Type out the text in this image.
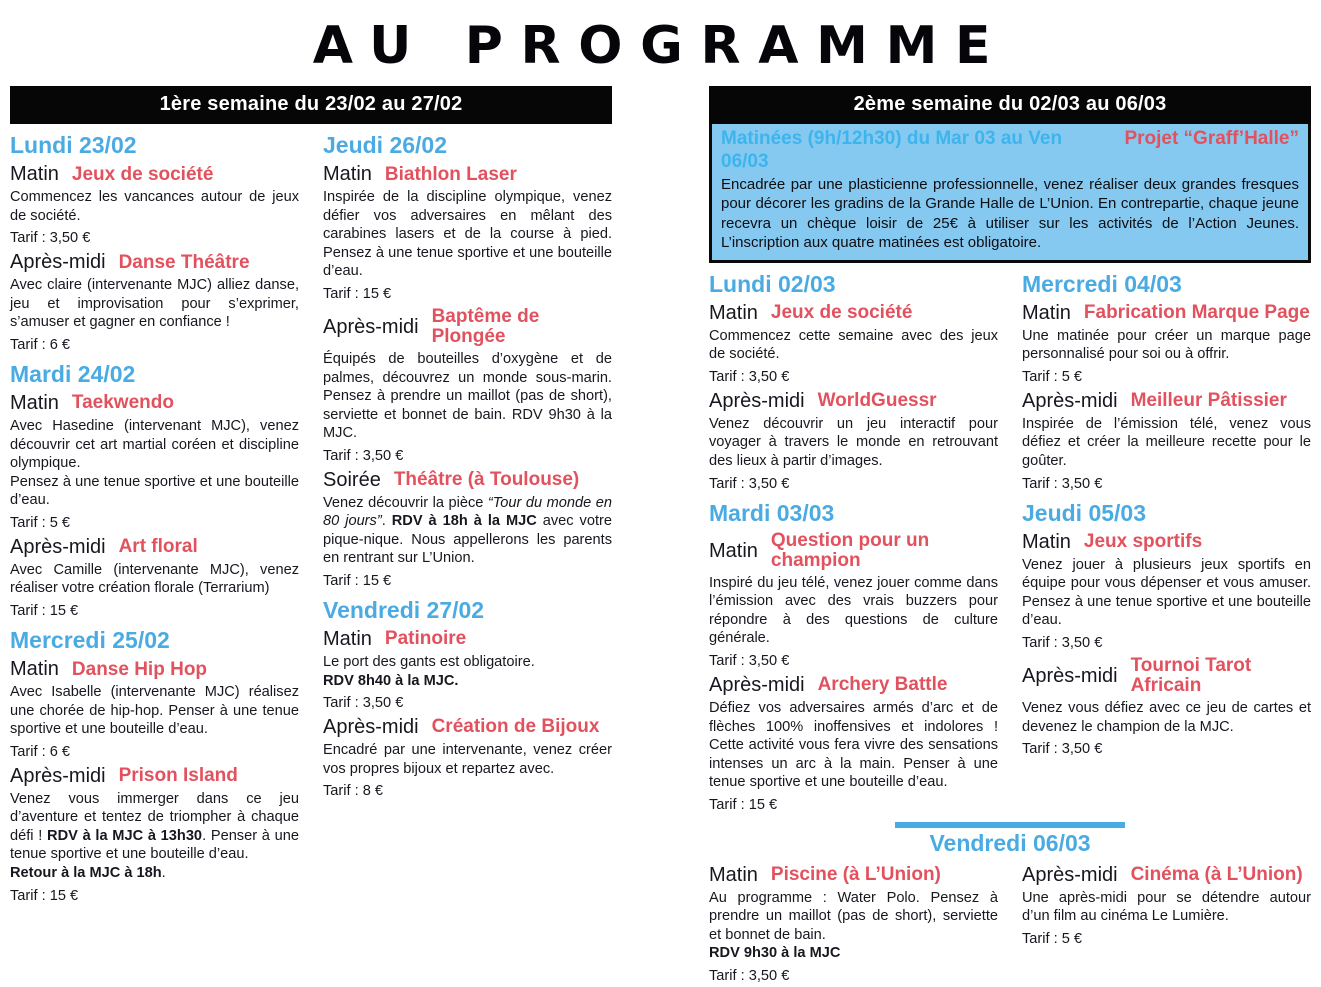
AU PROGRAMME
1ère semaine du 23/02 au 27/02
Lundi 23/02
Matin Jeux de société

Commencez les vancances autour de jeux de société.

Tarif : 3,50 €

Après-midi Danse Théâtre

Avec claire (intervenante MJC) alliez danse, jeu et improvisation pour s’exprimer, s’amuser et gagner en confiance !

Tarif : 6 €

Mardi 24/02
Matin Taekwendo

Avec Hasedine (intervenant MJC), venez découvrir cet art martial coréen et discipline olympique.
Pensez à une tenue sportive et une bouteille d’eau.

Tarif : 5 €

Après-midi Art floral

Avec Camille (intervenante MJC), venez réaliser votre création florale (Terrarium)

Tarif : 15 €

Mercredi 25/02
Matin Danse Hip Hop

Avec Isabelle (intervenante MJC) réalisez une chorée de hip-hop. Penser à une tenue sportive et une bouteille d’eau.

Tarif : 6 €

Après-midi Prison Island

Venez vous immerger dans ce jeu d’aventure et tentez de triompher à chaque défi ! RDV à la MJC à 13h30. Penser à une tenue sportive et une bouteille d’eau.
Retour à la MJC à 18h.

Tarif : 15 €

Jeudi 26/02
Matin Biathlon Laser

Inspirée de la discipline olympique, venez défier vos adversaires en mêlant des carabines lasers et de la course à pied. Pensez à une tenue sportive et une bouteille d’eau.

Tarif : 15 €

Après-midi Baptême de Plongée

Équipés de bouteilles d’oxygène et de palmes, découvrez un monde sous-marin. Pensez à prendre un maillot (pas de short), serviette et bonnet de bain. RDV 9h30 à la MJC.

Tarif : 3,50 €

Soirée Théâtre (à Toulouse)

Venez découvrir la pièce “Tour du monde en 80 jours”. RDV à 18h à la MJC avec votre pique-nique. Nous appellerons les parents en rentrant sur L’Union.

Tarif : 15 €

Vendredi 27/02
Matin Patinoire

Le port des gants est obligatoire.
RDV 8h40 à la MJC.

Tarif : 3,50 €

Après-midi Création de Bijoux

Encadré par une intervenante, venez créer vos propres bijoux et repartez avec.

Tarif : 8 €

2ème semaine du 02/03 au 06/03
Matinées (9h/12h30) du Mar 03 au Ven 06/03
Projet “Graff’Halle”

Encadrée par une plasticienne professionnelle, venez réaliser deux grandes fresques pour décorer les gradins de la Grande Halle de L’Union. En contrepartie, chaque jeune recevra un chèque loisir de 25€ à utiliser sur les activités de l’Action Jeunes. L’inscription aux quatre matinées est obligatoire.

Lundi 02/03
Matin Jeux de société

Commencez cette semaine avec des jeux de société.

Tarif : 3,50 €

Après-midi WorldGuessr

Venez découvrir un jeu interactif pour voyager à travers le monde en retrouvant des lieux à partir d’images.

Tarif : 3,50 €

Mardi 03/03
Matin Question pour un champion

Inspiré du jeu télé, venez jouer comme dans l’émission avec des vrais buzzers pour répondre à des questions de culture générale.

Tarif : 3,50 €

Après-midi Archery Battle

Défiez vos adversaires armés d’arc et de flèches 100% inoffensives et indolores ! Cette activité vous fera vivre des sensations intenses un arc à la main. Penser à une tenue sportive et une bouteille d’eau.

Tarif : 15 €

Mercredi 04/03
Matin Fabrication Marque Page

Une matinée pour créer un marque page personnalisé pour soi ou à offrir.

Tarif : 5 €

Après-midi Meilleur Pâtissier

Inspirée de l’émission télé, venez vous défiez et créer la meilleure recette pour le goûter.

Tarif : 3,50 €

Jeudi 05/03
Matin Jeux sportifs

Venez jouer à plusieurs jeux sportifs en équipe pour vous dépenser et vous amuser. Pensez à une tenue sportive et une bouteille d’eau.

Tarif : 3,50 €

Après-midi Tournoi Tarot Africain

Venez vous défiez avec ce jeu de cartes et devenez le champion de la MJC.

Tarif : 3,50 €

Vendredi 06/03
Matin Piscine (à L’Union)

Au programme : Water Polo. Pensez à prendre un maillot (pas de short), serviette et bonnet de bain.
RDV 9h30 à la MJC

Tarif : 3,50 €

Après-midi Cinéma (à L’Union)

Une après-midi pour se détendre autour d’un film au cinéma Le Lumière.

Tarif : 5 €
